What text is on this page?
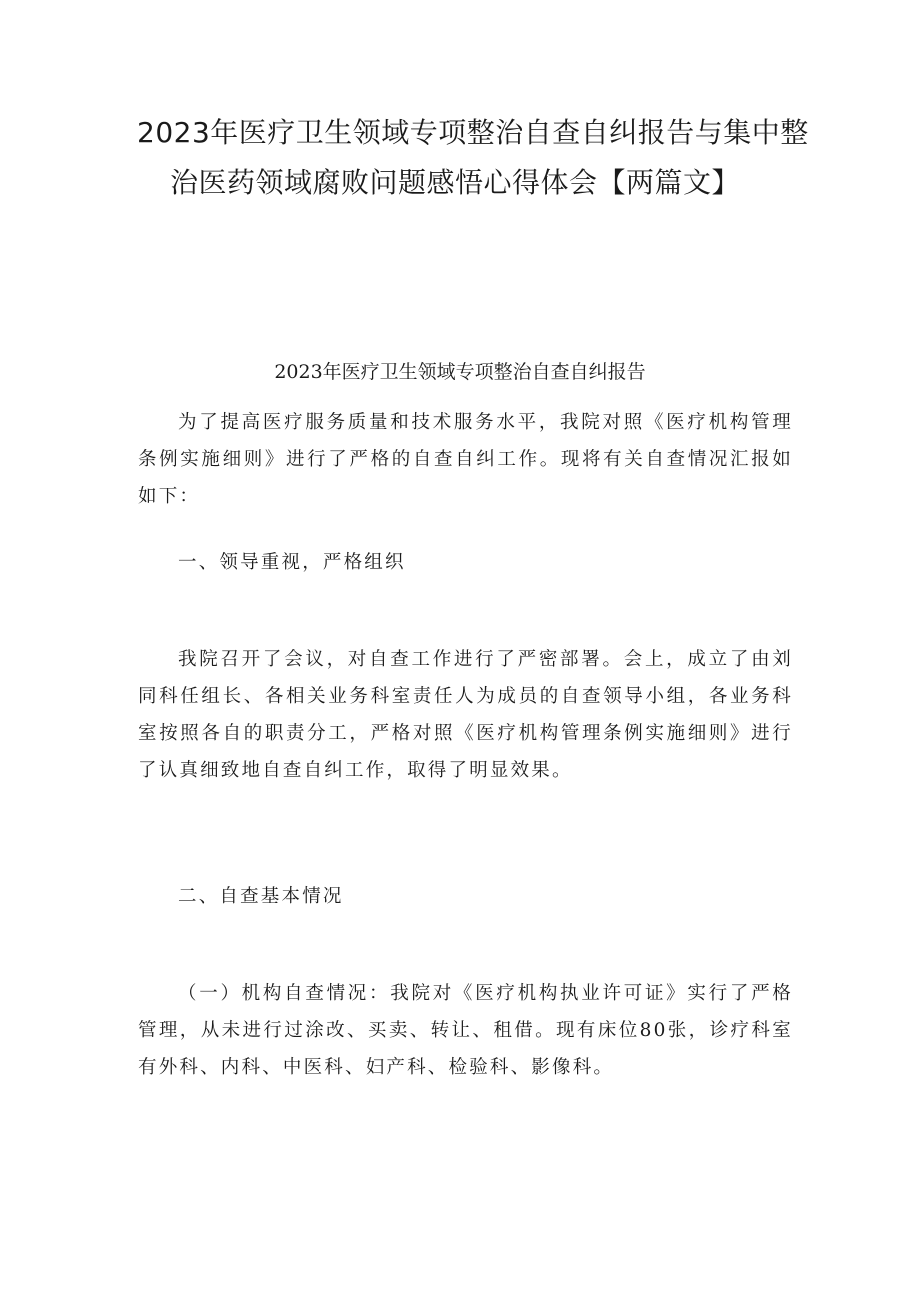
2023年医疗卫生领域专项整治自查自纠报告与集中整
治医药领域腐败问题感悟心得体会【两篇文】
2023年医疗卫生领域专项整治自查自纠报告

为了提高医疗服务质量和技术服务水平，我院对照《医疗机构管理条例实施细则》进行了严格的自查自纠工作。现将有关自查情况汇报如如下：

一、领导重视，严格组织

我院召开了会议，对自查工作进行了严密部署。会上，成立了由刘同科任组长、各相关业务科室责任人为成员的自查领导小组，各业务科室按照各自的职责分工，严格对照《医疗机构管理条例实施细则》进行了认真细致地自查自纠工作，取得了明显效果。

二、自查基本情况

（一）机构自查情况：我院对《医疗机构执业许可证》实行了严格管理，从未进行过涂改、买卖、转让、租借。现有床位80张，诊疗科室有外科、内科、中医科、妇产科、检验科、影像科。
